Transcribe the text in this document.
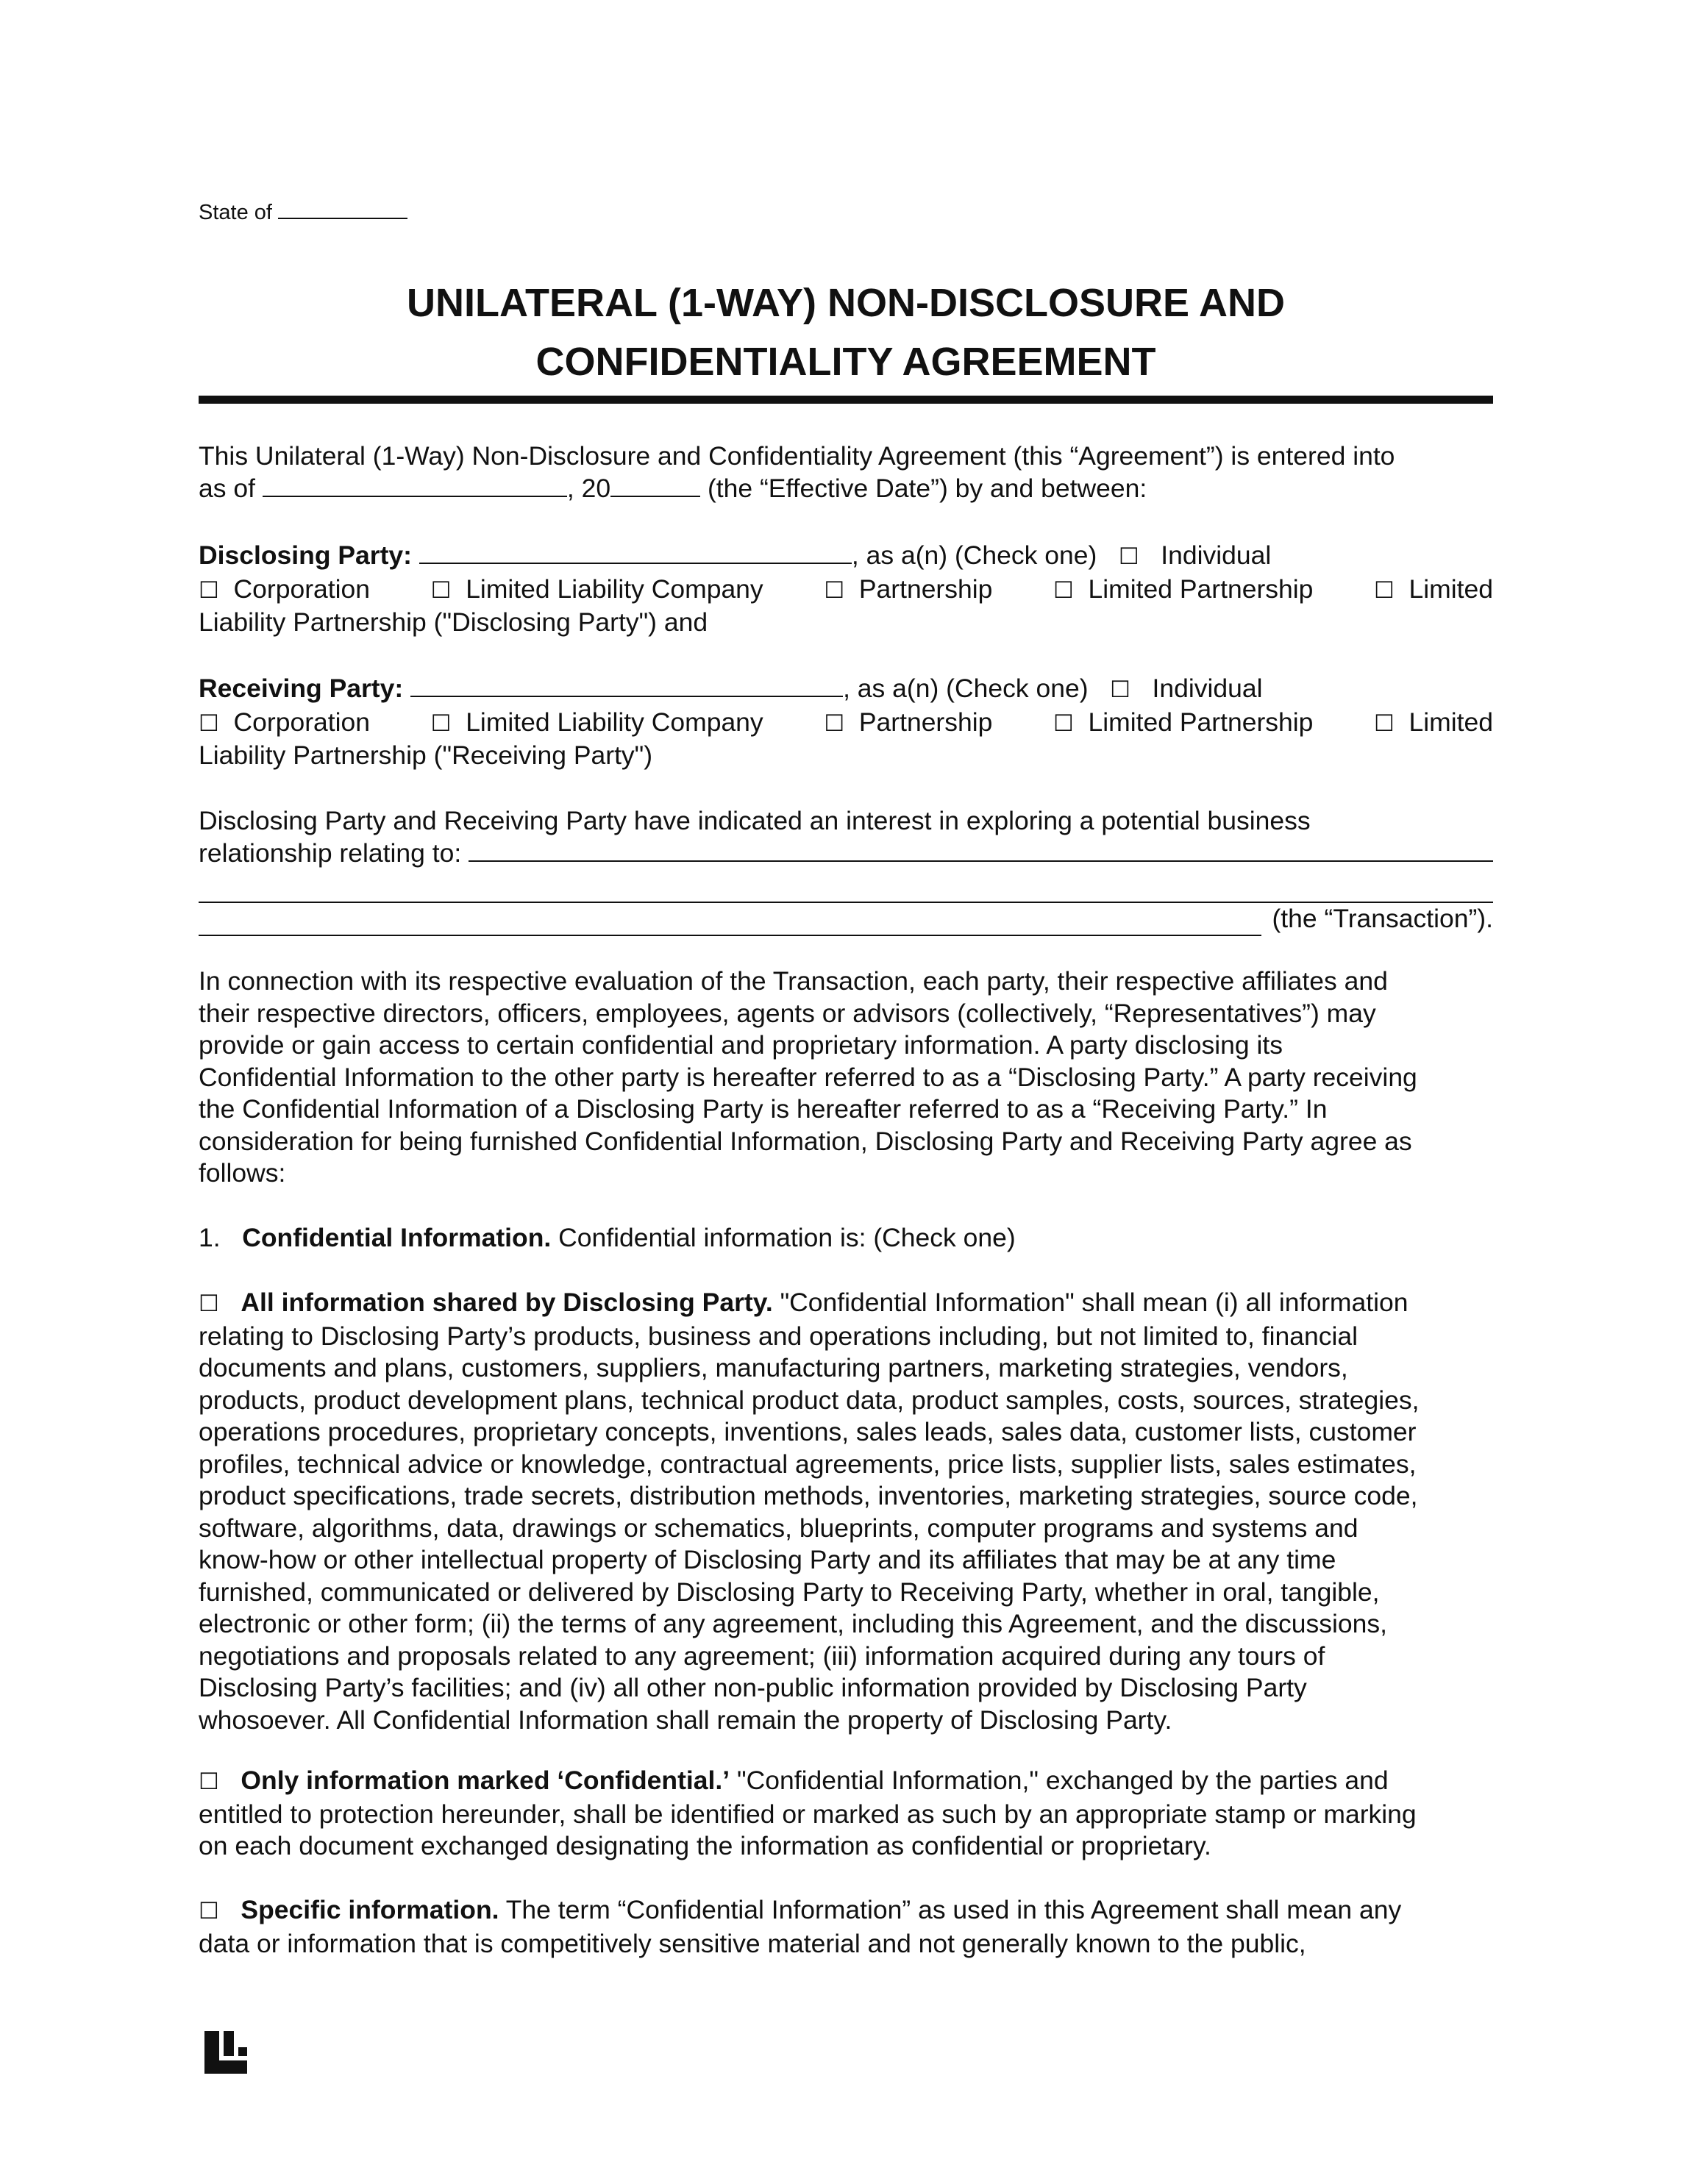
State of
UNILATERAL (1-WAY) NON-DISCLOSURE AND
CONFIDENTIALITY AGREEMENT
This Unilateral (1-Way) Non-Disclosure and Confidentiality Agreement (this “Agreement”) is entered into
as of	, 20	(the “Effective Date”) by and between:
Disclosing Party:	, as a(n) (Check one) ☐ Individual
☐ Corporation	☐ Limited Liability Company	☐ Partnership	☐ Limited Partnership	☐ Limited
Liability Partnership ("Disclosing Party") and
Receiving Party:	, as a(n) (Check one) ☐ Individual
☐ Corporation	☐ Limited Liability Company	☐ Partnership	☐ Limited Partnership	☐ Limited
Liability Partnership ("Receiving Party")
Disclosing Party and Receiving Party have indicated an interest in exploring a potential business
relationship relating to:

(the “Transaction”).
In connection with its respective evaluation of the Transaction, each party, their respective affiliates and
their respective directors, officers, employees, agents or advisors (collectively, “Representatives”) may
provide or gain access to certain confidential and proprietary information. A party disclosing its
Confidential Information to the other party is hereafter referred to as a “Disclosing Party.” A party receiving
the Confidential Information of a Disclosing Party is hereafter referred to as a “Receiving Party.” In
consideration for being furnished Confidential Information, Disclosing Party and Receiving Party agree as
follows:
1. Confidential Information. Confidential information is: (Check one)
☐ All information shared by Disclosing Party. "Confidential Information" shall mean (i) all information
relating to Disclosing Party’s products, business and operations including, but not limited to, financial
documents and plans, customers, suppliers, manufacturing partners, marketing strategies, vendors,
products, product development plans, technical product data, product samples, costs, sources, strategies,
operations procedures, proprietary concepts, inventions, sales leads, sales data, customer lists, customer
profiles, technical advice or knowledge, contractual agreements, price lists, supplier lists, sales estimates,
product specifications, trade secrets, distribution methods, inventories, marketing strategies, source code,
software, algorithms, data, drawings or schematics, blueprints, computer programs and systems and
know-how or other intellectual property of Disclosing Party and its affiliates that may be at any time
furnished, communicated or delivered by Disclosing Party to Receiving Party, whether in oral, tangible,
electronic or other form; (ii) the terms of any agreement, including this Agreement, and the discussions,
negotiations and proposals related to any agreement; (iii) information acquired during any tours of
Disclosing Party’s facilities; and (iv) all other non-public information provided by Disclosing Party
whosoever. All Confidential Information shall remain the property of Disclosing Party.
☐ Only information marked ‘Confidential.’ "Confidential Information," exchanged by the parties and
entitled to protection hereunder, shall be identified or marked as such by an appropriate stamp or marking
on each document exchanged designating the information as confidential or proprietary.
☐ Specific information. The term “Confidential Information” as used in this Agreement shall mean any
data or information that is competitively sensitive material and not generally known to the public,
